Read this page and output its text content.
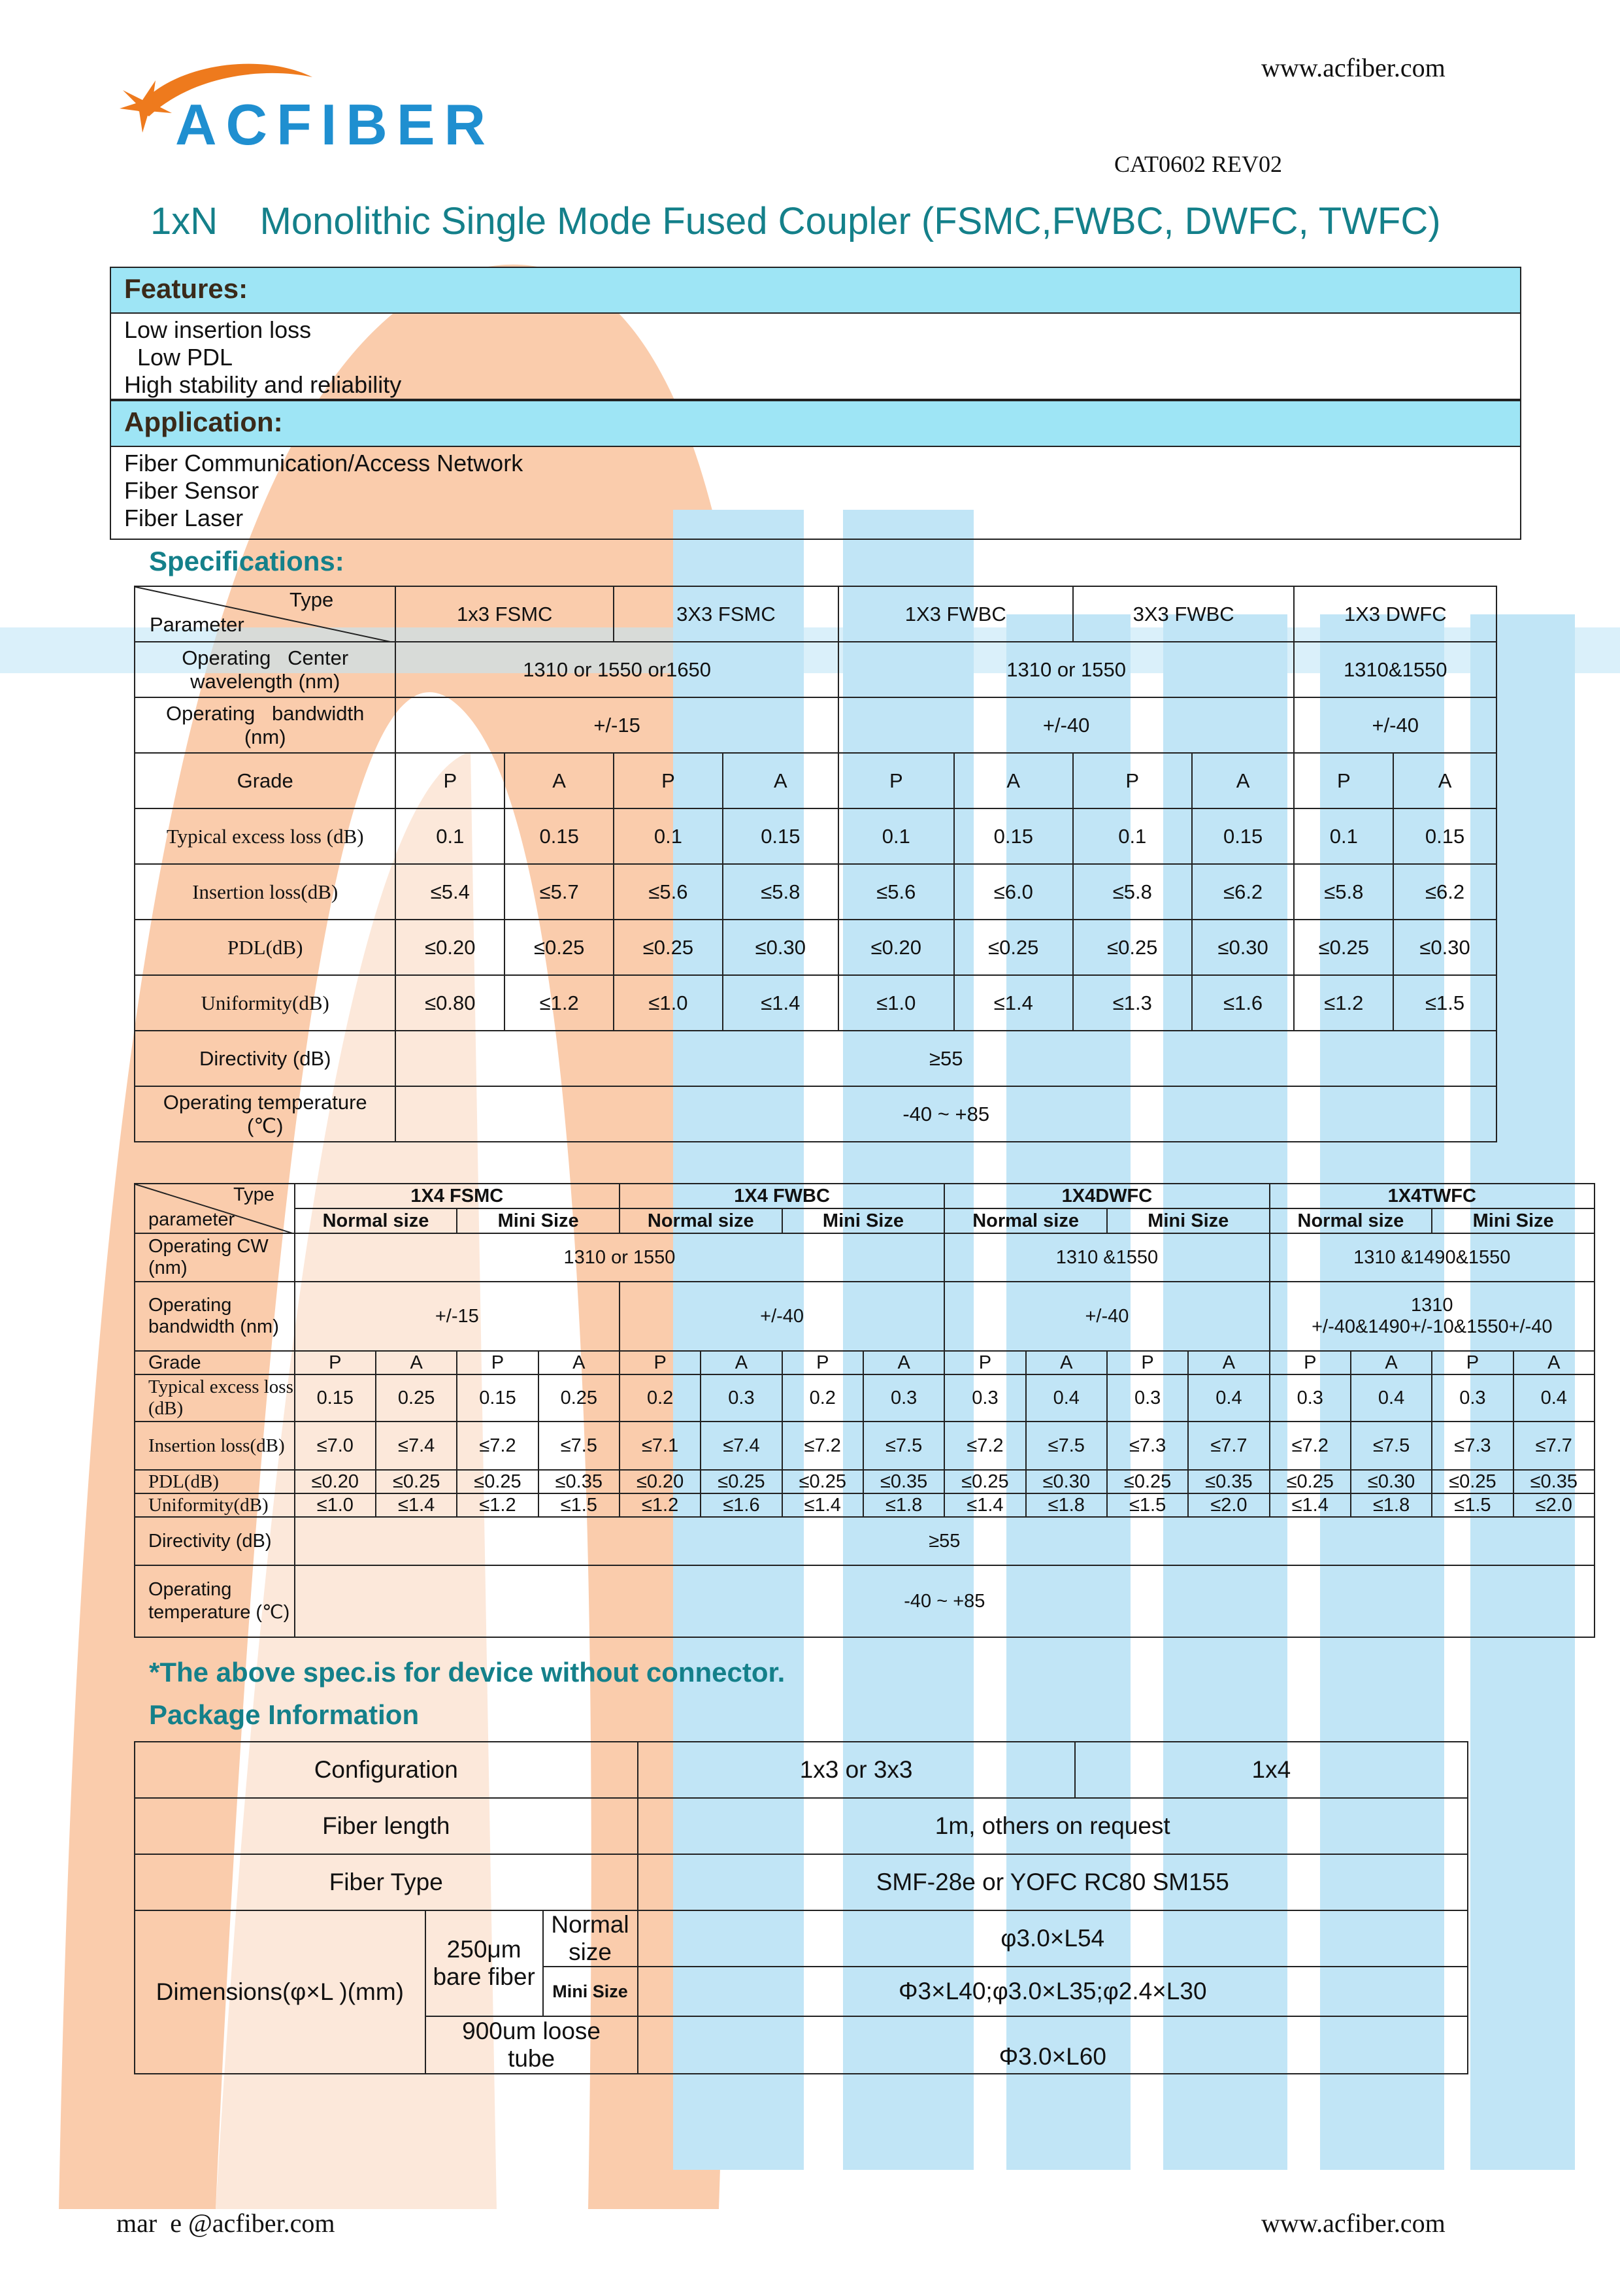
ACFIBER
www.acfiber.com
CAT0602 REV02
1xN    Monolithic Single Mode Fused Coupler (FSMC,FWBC, DWFC, TWFC)
Features:
Low insertion loss
Low PDL
High stability and reliability
Application:
Fiber Communication/Access Network
Fiber Sensor
Fiber Laser
Specifications:
Type
Parameter	1x3 FSMC		3X3 FSMC		1X3 FWBC		3X3 FWBC		1X3 DWFC	
Operating   Center wavelength (nm)	1310 or 1550 or1650				1310 or 1550				1310&1550	
Operating   bandwidth (nm)	+/-15				+/-40				+/-40	
Grade	P	A	P	A	P	A	P	A	P	A
Typical excess loss (dB)	0.1	0.15	0.1	0.15	0.1	0.15	0.1	0.15	0.1	0.15
Insertion loss(dB)	≤5.4	≤5.7	≤5.6	≤5.8	≤5.6	≤6.0	≤5.8	≤6.2	≤5.8	≤6.2
PDL(dB)	≤0.20	≤0.25	≤0.25	≤0.30	≤0.20	≤0.25	≤0.25	≤0.30	≤0.25	≤0.30
Uniformity(dB)	≤0.80	≤1.2	≤1.0	≤1.4	≤1.0	≤1.4	≤1.3	≤1.6	≤1.2	≤1.5
Directivity (dB)	≥55									
Operating temperature (℃)	-40 ~ +85									
Type
parameter	1X4 FSMC				1X4 FWBC				1X4DWFC				1X4TWFC			
	Normal size		Mini Size		Normal size		Mini Size		Normal size		Mini Size		Normal size		Mini Size	
Operating CW (nm)	1310 or 1550								1310 &1550				1310 &1490&1550			
Operating bandwidth (nm)	+/-15				+/-40				+/-40				1310 +/-40&1490+/-10&1550+/-40			
Grade	P	A	P	A	P	A	P	A	P	A	P	A	P	A	P	A
Typical excess loss (dB)	0.15	0.25	0.15	0.25	0.2	0.3	0.2	0.3	0.3	0.4	0.3	0.4	0.3	0.4	0.3	0.4
Insertion loss(dB)	≤7.0	≤7.4	≤7.2	≤7.5	≤7.1	≤7.4	≤7.2	≤7.5	≤7.2	≤7.5	≤7.3	≤7.7	≤7.2	≤7.5	≤7.3	≤7.7
PDL(dB)	≤0.20	≤0.25	≤0.25	≤0.35	≤0.20	≤0.25	≤0.25	≤0.35	≤0.25	≤0.30	≤0.25	≤0.35	≤0.25	≤0.30	≤0.25	≤0.35
Uniformity(dB)	≤1.0	≤1.4	≤1.2	≤1.5	≤1.2	≤1.6	≤1.4	≤1.8	≤1.4	≤1.8	≤1.5	≤2.0	≤1.4	≤1.8	≤1.5	≤2.0
Directivity (dB)	≥55															
Operating temperature (℃)	-40 ~ +85															
*The above spec.is for device without connector.
Package Information
Configuration			1x3 or 3x3	1x4
Fiber length			1m, others on request	
Fiber Type			SMF-28e or YOFC RC80 SM155	
Dimensions(φ×L )(mm)	250μm bare fiber	Normal size	φ3.0×L54	
		Mini Size	Φ3×L40;φ3.0×L35;φ2.4×L30	
	900um loose tube		Φ3.0×L60	
mar  e @acfiber.com	www.acfiber.com
